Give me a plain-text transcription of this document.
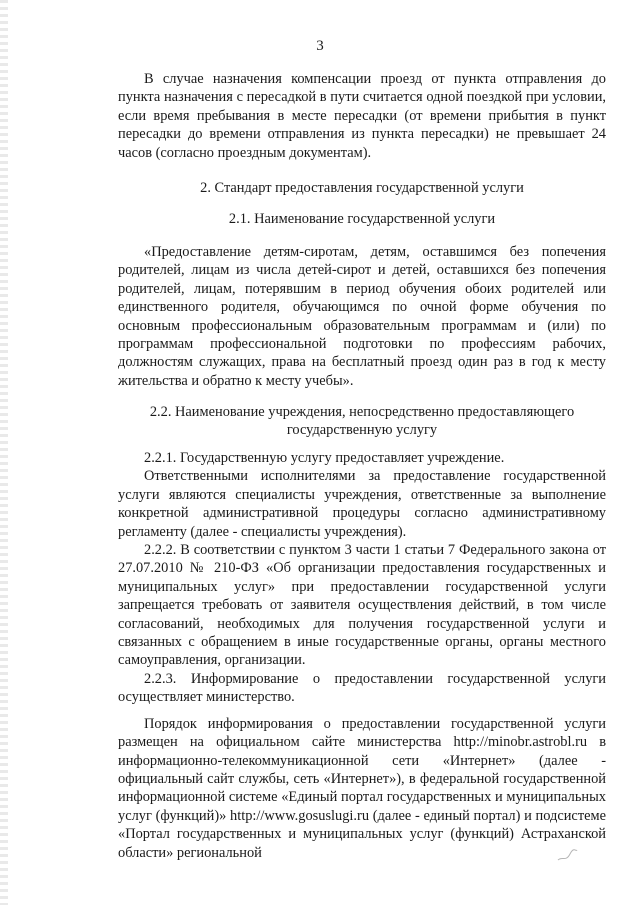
3

В случае назначения компенсации проезд от пункта отправления до пункта назначения с пересадкой в пути считается одной поездкой при условии, если время пребывания в месте пересадки (от времени прибытия в пункт пересадки до времени отправления из пункта пересадки) не превышает 24 часов (согласно проездным документам).

2. Стандарт предоставления государственной услуги

2.1. Наименование государственной услуги

«Предоставление детям-сиротам, детям, оставшимся без попечения родителей, лицам из числа детей-сирот и детей, оставшихся без попечения родителей, лицам, потерявшим в период обучения обоих родителей или единственного родителя, обучающимся по очной форме обучения по основным профессиональным образовательным программам и (или) по программам профессиональной подготовки по профессиям рабочих, должностям служащих, права на бесплатный проезд один раз в год к месту жительства и обратно к месту учебы».

2.2. Наименование учреждения, непосредственно предоставляющего государственную услугу

2.2.1. Государственную услугу предоставляет учреждение.

Ответственными исполнителями за предоставление государственной услуги являются специалисты учреждения, ответственные за выполнение конкретной административной процедуры согласно административному регламенту (далее - специалисты учреждения).

2.2.2. В соответствии с пунктом 3 части 1 статьи 7 Федерального закона от 27.07.2010 № 210-ФЗ «Об организации предоставления государственных и муниципальных услуг» при предоставлении государственной услуги запрещается требовать от заявителя осуществления действий, в том числе согласований, необходимых для получения государственной услуги и связанных с обращением в иные государственные органы, органы местного самоуправления, организации.

2.2.3. Информирование о предоставлении государственной услуги осуществляет министерство.

Порядок информирования о предоставлении государственной услуги размещен на официальном сайте министерства http://minobr.astrobl.ru в информационно-телекоммуникационной сети «Интернет» (далее - официальный сайт службы, сеть «Интернет»), в федеральной государственной информационной системе «Единый портал государственных и муниципальных услуг (функций)» http://www.gosuslugi.ru (далее - единый портал) и подсистеме «Портал государственных и муниципальных услуг (функций) Астраханской области» региональной
